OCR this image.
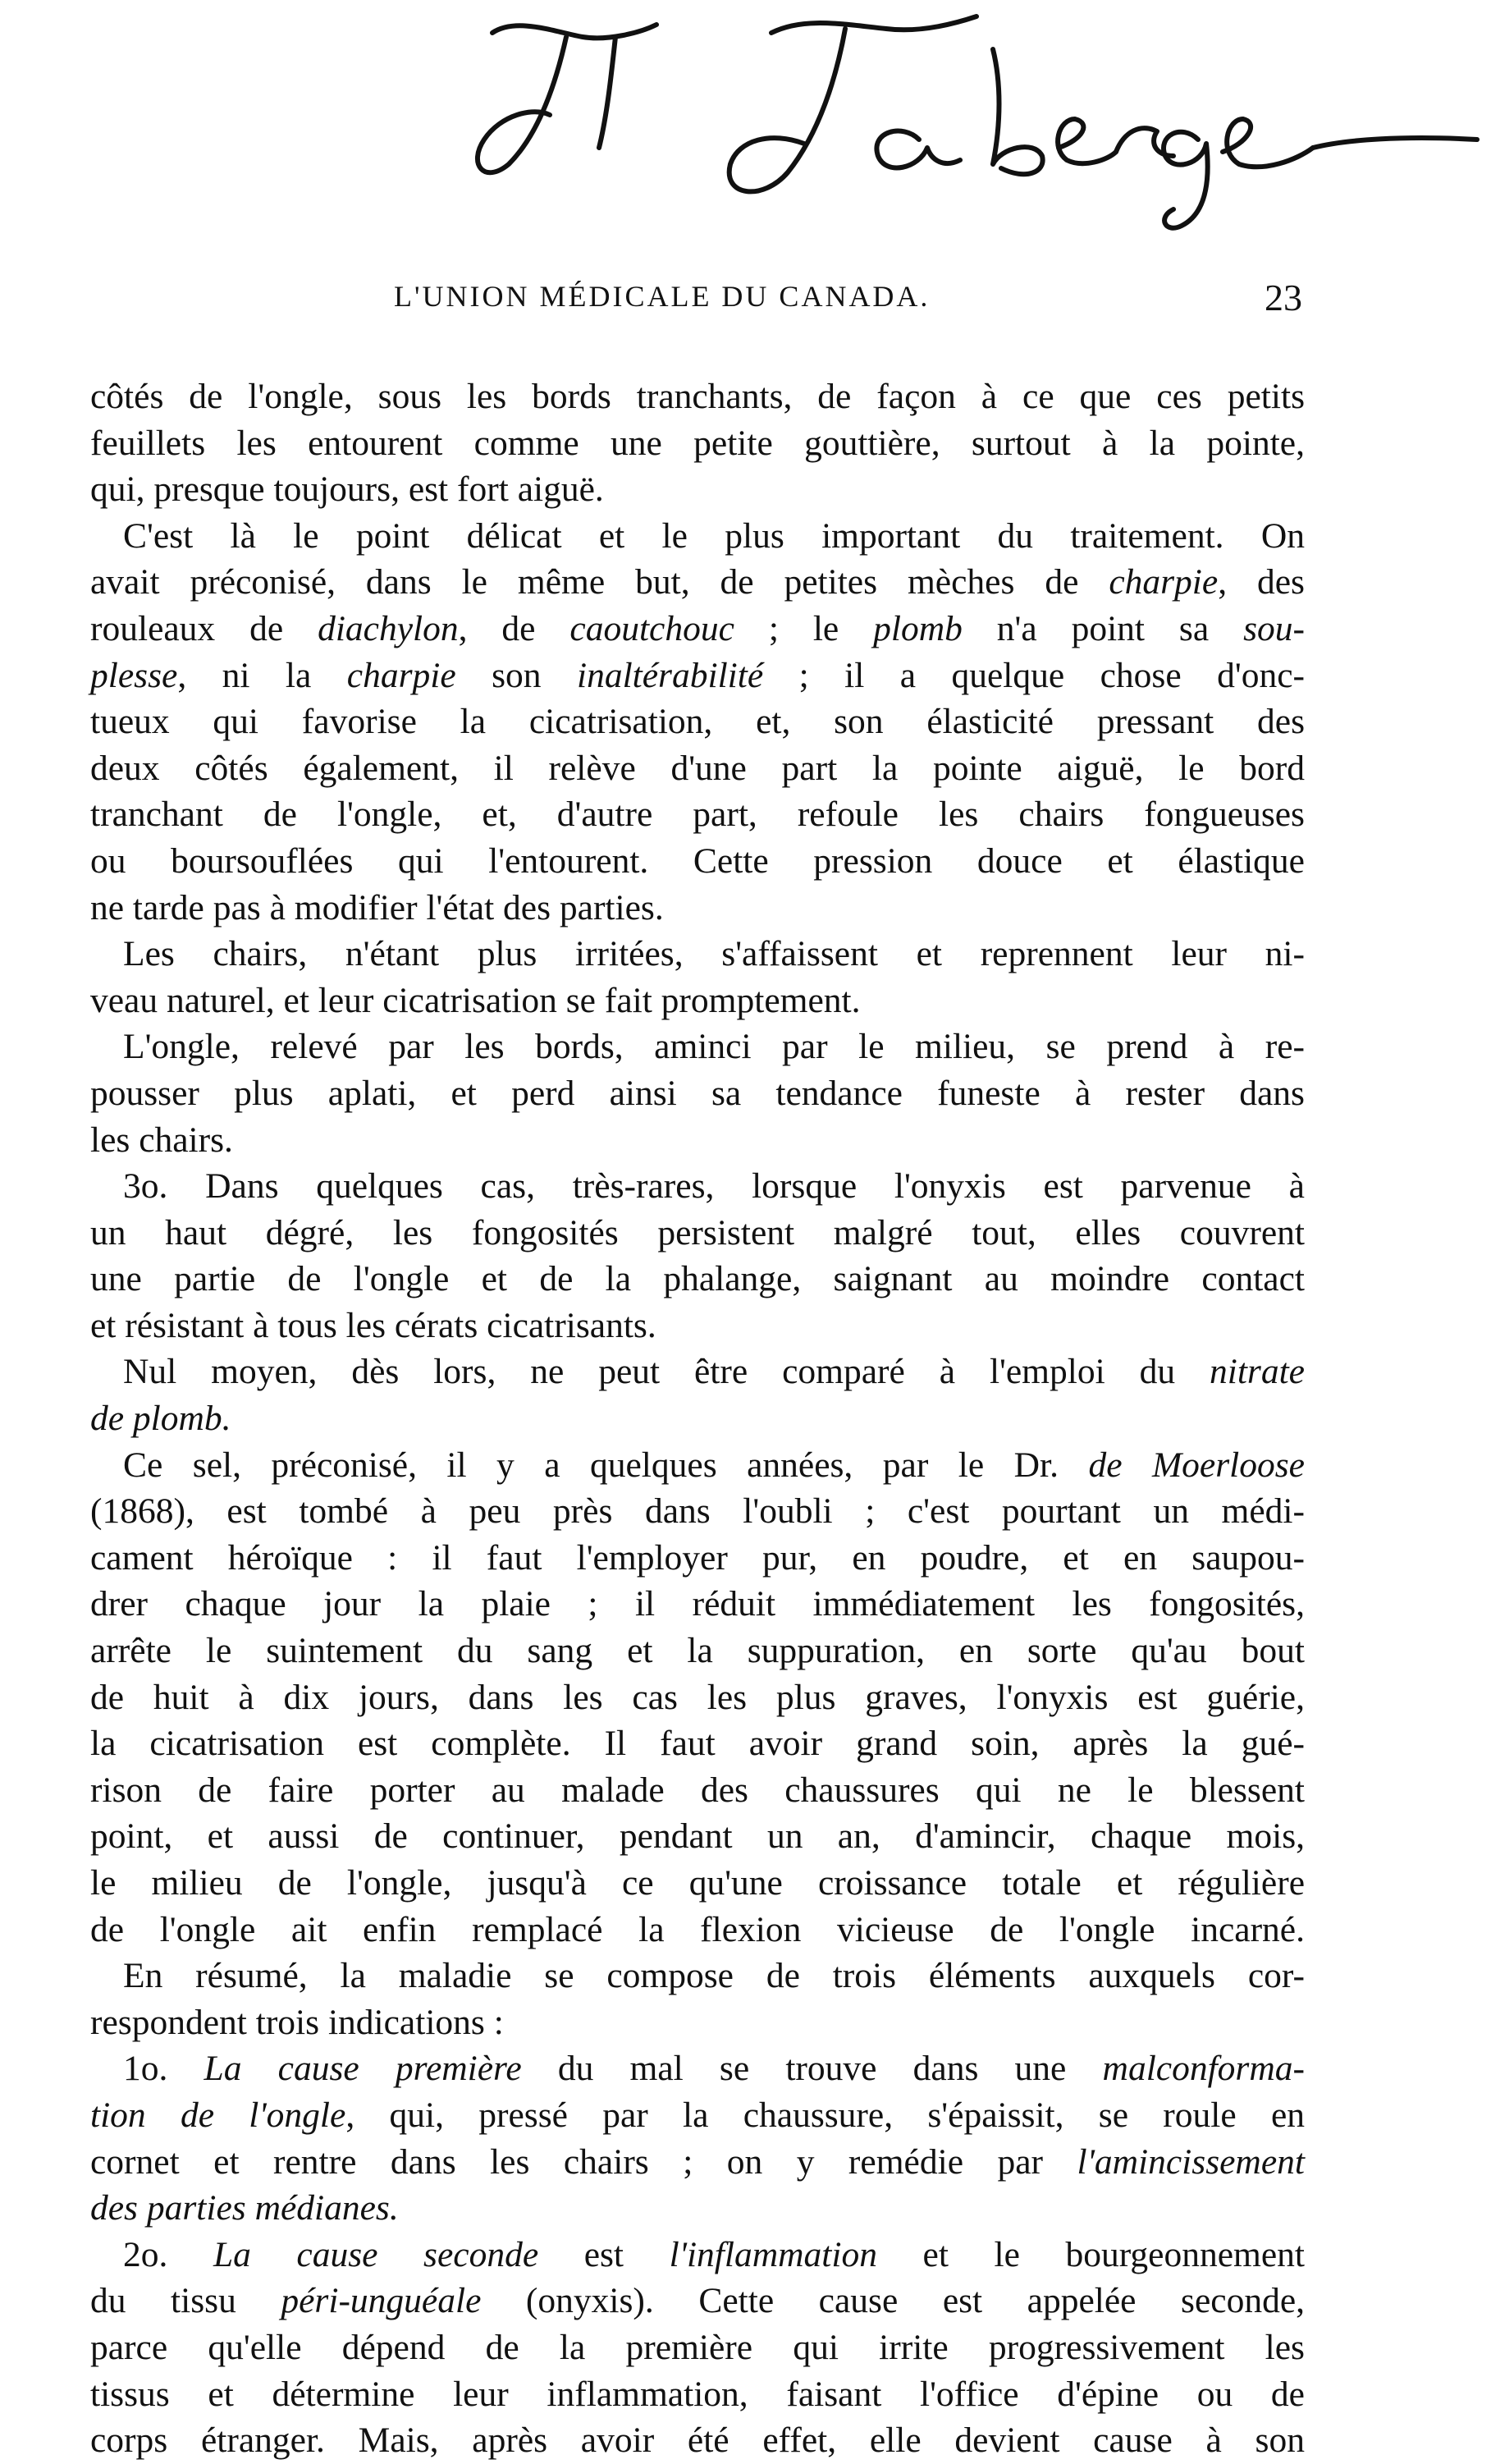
L'UNION MÉDICALE DU CANADA.	23
côtés de l'ongle, sous les bords tranchants, de façon à ce que ces petits
feuillets les entourent comme une petite gouttière, surtout à la pointe,
qui, presque toujours, est fort aiguë.
C'est là le point délicat et le plus important du traitement. On
avait préconisé, dans le même but, de petites mèches de charpie, des
rouleaux de diachylon, de caoutchouc ; le plomb n'a point sa sou-
plesse, ni la charpie son inaltérabilité ; il a quelque chose d'onc-
tueux qui favorise la cicatrisation, et, son élasticité pressant des
deux côtés également, il relève d'une part la pointe aiguë, le bord
tranchant de l'ongle, et, d'autre part, refoule les chairs fongueuses
ou boursouflées qui l'entourent. Cette pression douce et élastique
ne tarde pas à modifier l'état des parties.
Les chairs, n'étant plus irritées, s'affaissent et reprennent leur ni-
veau naturel, et leur cicatrisation se fait promptement.
L'ongle, relevé par les bords, aminci par le milieu, se prend à re-
pousser plus aplati, et perd ainsi sa tendance funeste à rester dans
les chairs.
3o. Dans quelques cas, très-rares, lorsque l'onyxis est parvenue à
un haut dégré, les fongosités persistent malgré tout, elles couvrent
une partie de l'ongle et de la phalange, saignant au moindre contact
et résistant à tous les cérats cicatrisants.
Nul moyen, dès lors, ne peut être comparé à l'emploi du nitrate
de plomb.
Ce sel, préconisé, il y a quelques années, par le Dr. de Moerloose
(1868), est tombé à peu près dans l'oubli ; c'est pourtant un médi-
cament héroïque : il faut l'employer pur, en poudre, et en saupou-
drer chaque jour la plaie ; il réduit immédiatement les fongosités,
arrête le suintement du sang et la suppuration, en sorte qu'au bout
de huit à dix jours, dans les cas les plus graves, l'onyxis est guérie,
la cicatrisation est complète. Il faut avoir grand soin, après la gué-
rison de faire porter au malade des chaussures qui ne le blessent
point, et aussi de continuer, pendant un an, d'amincir, chaque mois,
le milieu de l'ongle, jusqu'à ce qu'une croissance totale et régulière
de l'ongle ait enfin remplacé la flexion vicieuse de l'ongle incarné.
En résumé, la maladie se compose de trois éléments auxquels cor-
respondent trois indications :
1o. La cause première du mal se trouve dans une malconforma-
tion de l'ongle, qui, pressé par la chaussure, s'épaissit, se roule en
cornet et rentre dans les chairs ; on y remédie par l'amincissement
des parties médianes.
2o. La cause seconde est l'inflammation et le bourgeonnement
du tissu péri-unguéale (onyxis). Cette cause est appelée seconde,
parce qu'elle dépend de la première qui irrite progressivement les
tissus et détermine leur inflammation, faisant l'office d'épine ou de
corps étranger. Mais, après avoir été effet, elle devient cause à son
